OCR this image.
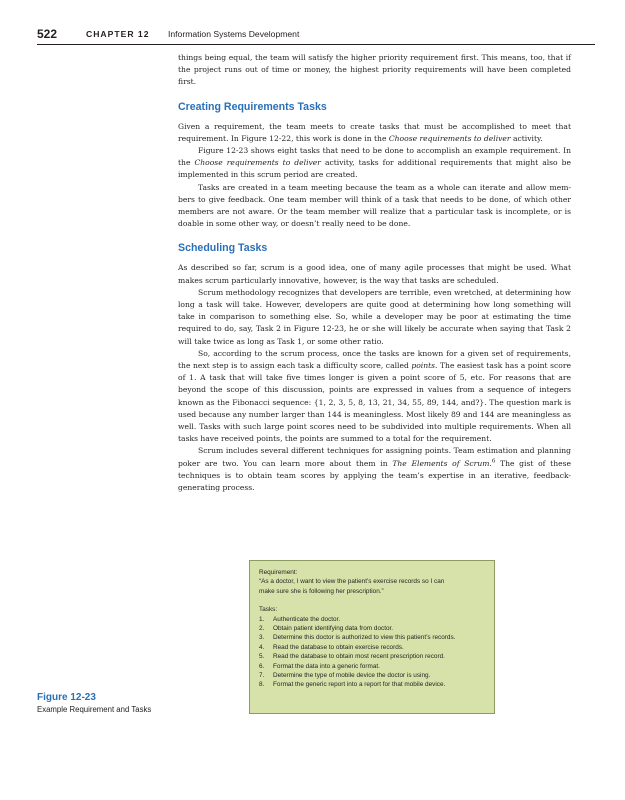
522	CHAPTER 12 Information Systems Development

things being equal, the team will satisfy the higher priority requirement first. This means, too, that if the project runs out of time or money, the highest priority requirements will have been completed first.

Creating Requirements Tasks

Given a requirement, the team meets to create tasks that must be accomplished to meet that requirement. In Figure 12-22, this work is done in the Choose requirements to deliver activity.

Figure 12-23 shows eight tasks that need to be done to accomplish an example requirement. In the Choose requirements to deliver activity, tasks for additional requirements that might also be implemented in this scrum period are created.

Tasks are created in a team meeting because the team as a whole can iterate and allow members to give feedback. One team member will think of a task that needs to be done, of which other members are not aware. Or the team member will realize that a particular task is incomplete, or is doable in some other way, or doesn’t really need to be done.

Scheduling Tasks

As described so far, scrum is a good idea, one of many agile processes that might be used. What makes scrum particularly innovative, however, is the way that tasks are scheduled.

Scrum methodology recognizes that developers are terrible, even wretched, at determining how long a task will take. However, developers are quite good at determining how long something will take in comparison to something else. So, while a developer may be poor at estimating the time required to do, say, Task 2 in Figure 12-23, he or she will likely be accurate when saying that Task 2 will take twice as long as Task 1, or some other ratio.

So, according to the scrum process, once the tasks are known for a given set of requirements, the next step is to assign each task a difficulty score, called points. The easiest task has a point score of 1. A task that will take five times longer is given a point score of 5, etc. For reasons that are beyond the scope of this discussion, points are expressed in values from a sequence of integers known as the Fibonacci sequence: {1, 2, 3, 5, 8, 13, 21, 34, 55, 89, 144, and?}. The question mark is used because any number larger than 144 is meaningless. Most likely 89 and 144 are meaningless as well. Tasks with such large point scores need to be subdivided into multiple requirements. When all tasks have received points, the points are summed to a total for the requirement.

Scrum includes several different techniques for assigning points. Team estimation and planning poker are two. You can learn more about them in The Elements of Scrum.$^6$ The gist of these techniques is to obtain team scores by applying the team’s expertise in an iterative, feedback-generating process.

Figure 12-23
Example Requirement and Tasks
Requirement:
“As a doctor, I want to view the patient’s exercise records so I can
make sure she is following her prescription.”
Tasks:
1.	Authenticate the doctor.
2.	Obtain patient identifying data from doctor.
3.	Determine this doctor is authorized to view this patient’s records.
4.	Read the database to obtain exercise records.
5.	Read the database to obtain most recent prescription record.
6.	Format the data into a generic format.
7.	Determine the type of mobile device the doctor is using.
8.	Format the generic report into a report for that mobile device.
